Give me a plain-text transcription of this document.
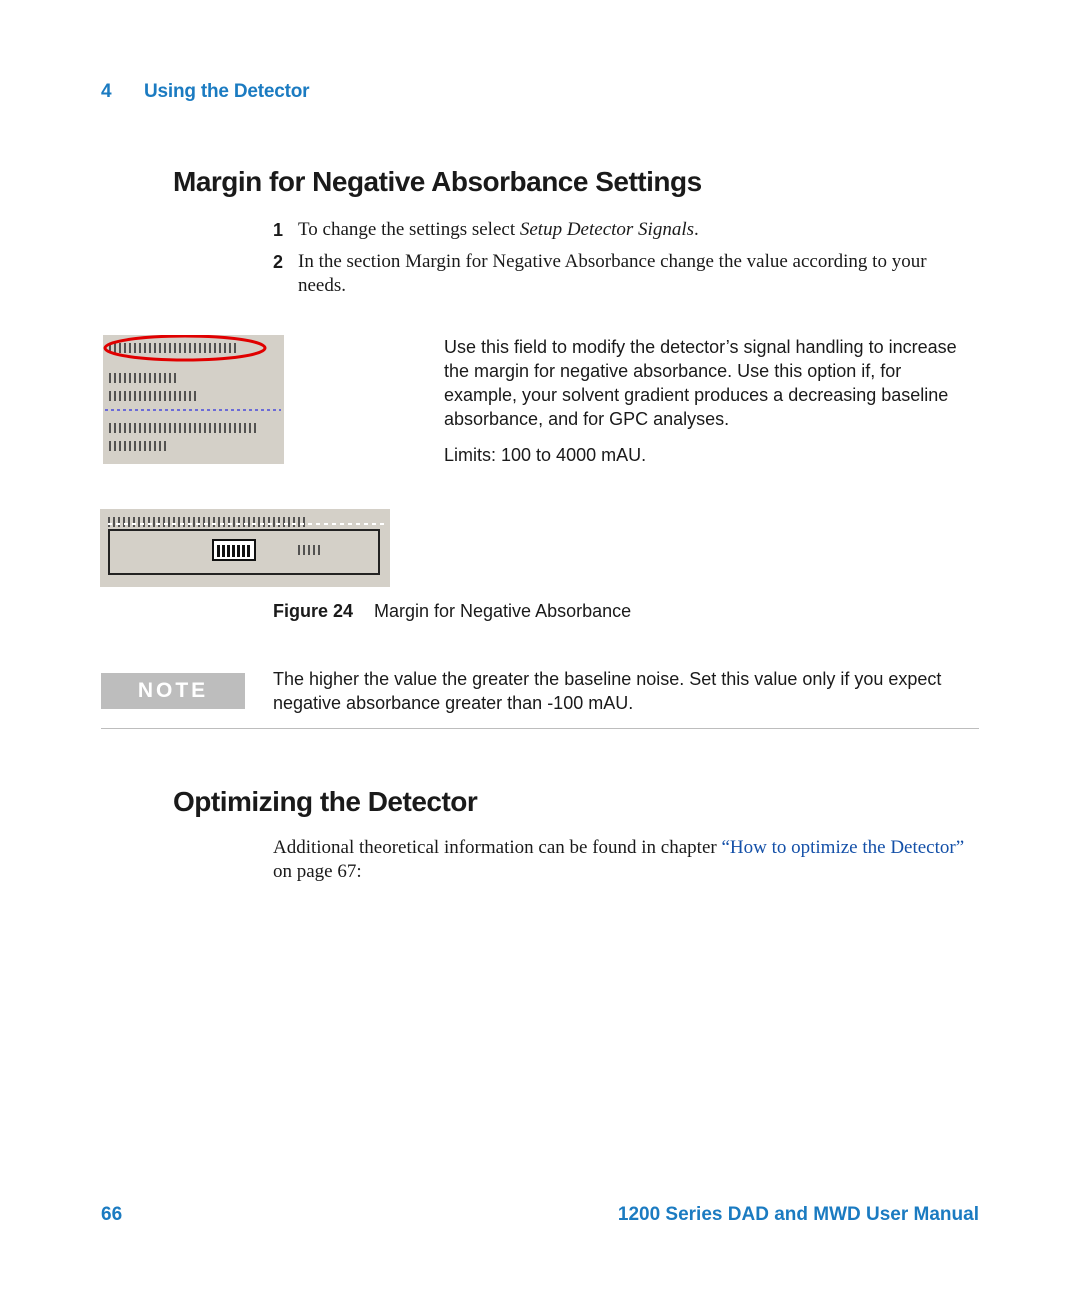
4 Using the Detector
Margin for Negative Absorbance Settings
1 To change the settings select Setup Detector Signals.
2 In the section Margin for Negative Absorbance change the value according to your needs.
Use this field to modify the detector’s signal handling to increase the margin for negative absorbance. Use this option if, for example, your solvent gradient produces a decreasing baseline absorbance, and for GPC analyses.
Limits: 100 to 4000 mAU.
Figure 24 Margin for Negative Absorbance
NOTE	The higher the value the greater the baseline noise. Set this value only if you expect negative absorbance greater than -100 mAU.
Optimizing the Detector
Additional theoretical information can be found in chapter “How to optimize the Detector” on page 67:
66	1200 Series DAD and MWD User Manual
